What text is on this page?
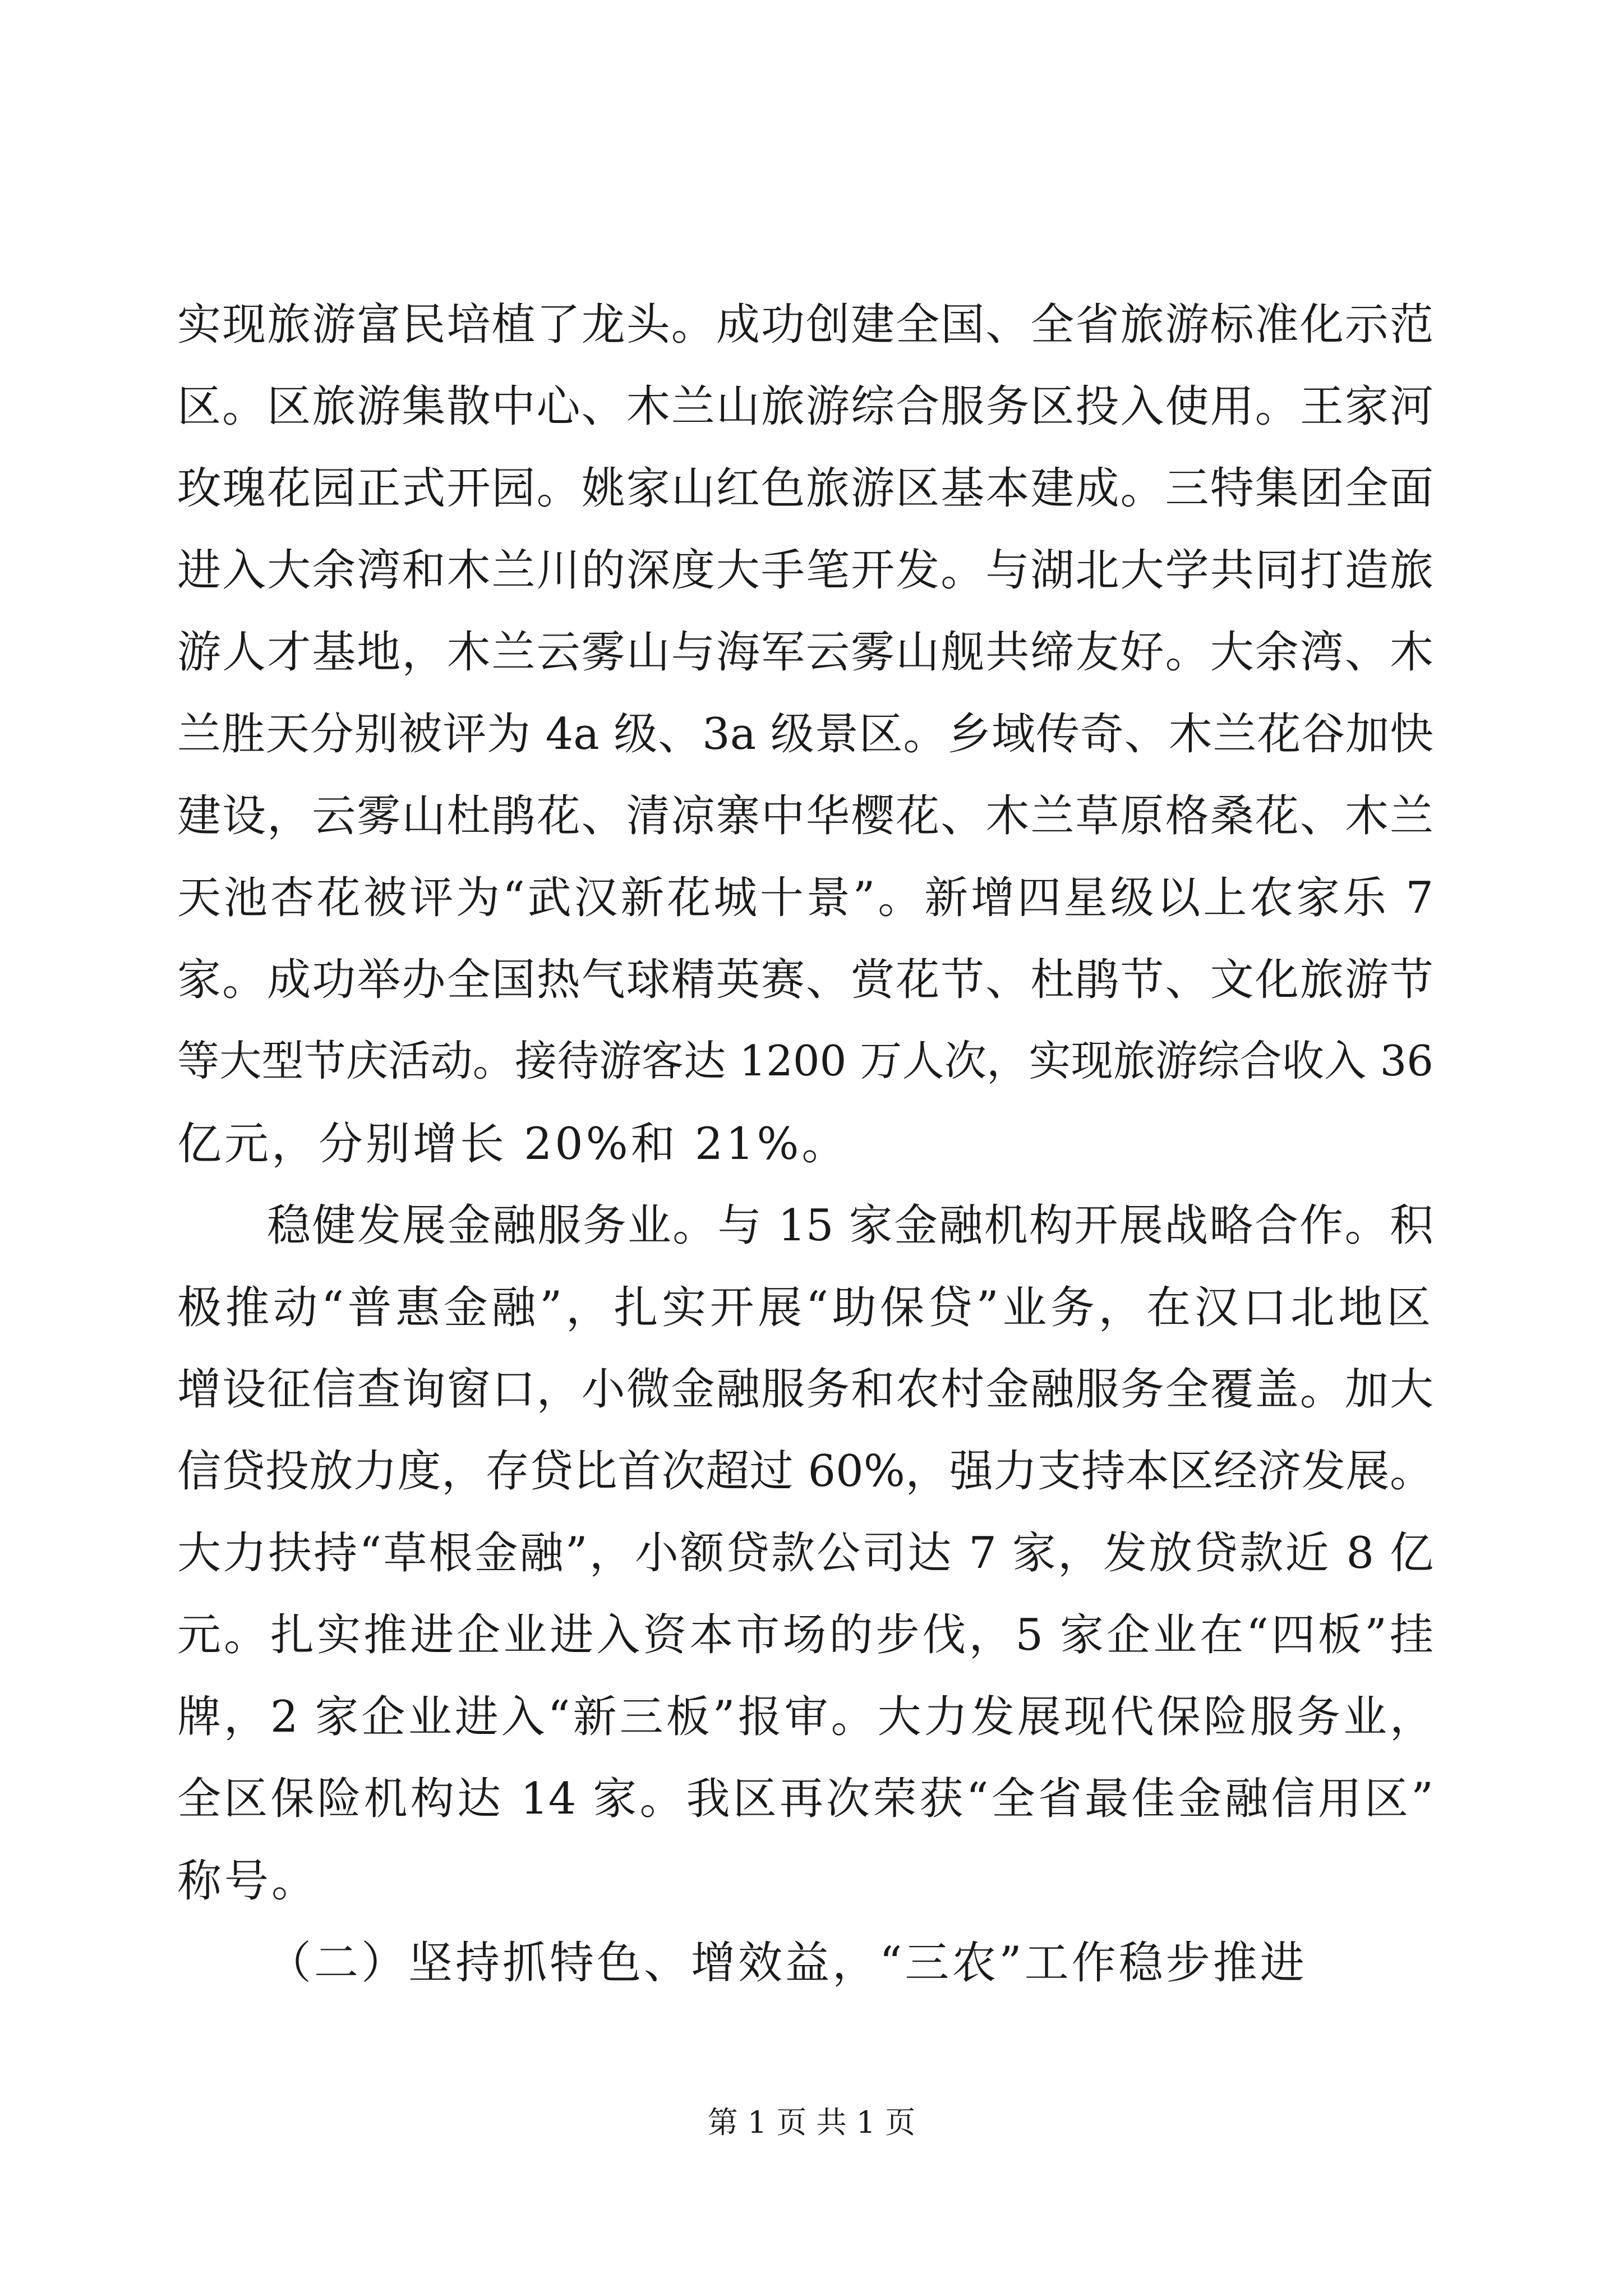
实现旅游富民培植了龙头。成功创建全国、全省旅游标准化示范
区。区旅游集散中心、木兰山旅游综合服务区投入使用。王家河
玫瑰花园正式开园。姚家山红色旅游区基本建成。三特集团全面
进入大余湾和木兰川的深度大手笔开发。与湖北大学共同打造旅
游人才基地，木兰云雾山与海军云雾山舰共缔友好。大余湾、木
兰胜天分别被评为 4a 级、3a 级景区。乡域传奇、木兰花谷加快
建设，云雾山杜鹃花、清凉寨中华樱花、木兰草原格桑花、木兰
天池杏花被评为“武汉新花城十景”。新增四星级以上农家乐 7
家。成功举办全国热气球精英赛、赏花节、杜鹃节、文化旅游节
等大型节庆活动。接待游客达 1200 万人次，实现旅游综合收入 36
亿元，分别增长 20%和 21%。
稳健发展金融服务业。与 15 家金融机构开展战略合作。积
极推动“普惠金融”，扎实开展“助保贷”业务，在汉口北地区
增设征信查询窗口，小微金融服务和农村金融服务全覆盖。加大
信贷投放力度，存贷比首次超过 60%，强力支持本区经济发展。
大力扶持“草根金融”，小额贷款公司达 7 家，发放贷款近 8 亿
元。扎实推进企业进入资本市场的步伐，5 家企业在“四板”挂
牌，2 家企业进入“新三板”报审。大力发展现代保险服务业，
全区保险机构达 14 家。我区再次荣获“全省最佳金融信用区”
称号。
（二）坚持抓特色、增效益，“三农”工作稳步推进
第 1 页 共 1 页
